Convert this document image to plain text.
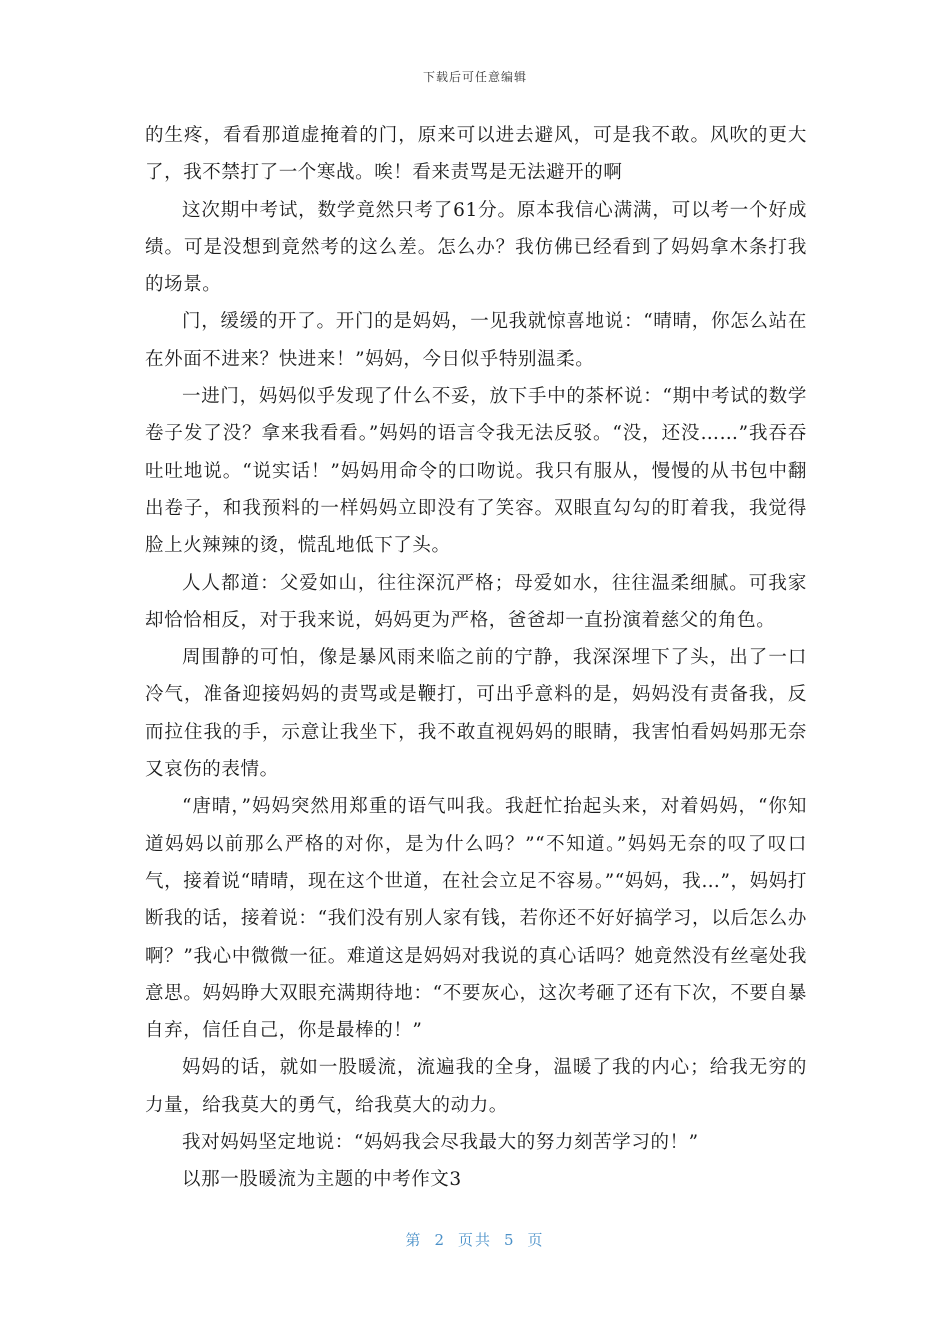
下载后可任意编辑

的生疼，看看那道虚掩着的门，原来可以进去避风，可是我不敢。风吹的更大了，我不禁打了一个寒战。唉！看来责骂是无法避开的啊

这次期中考试，数学竟然只考了61分。原本我信心满满，可以考一个好成绩。可是没想到竟然考的这么差。怎么办？我仿佛已经看到了妈妈拿木条打我的场景。

门，缓缓的开了。开门的是妈妈，一见我就惊喜地说：“晴晴，你怎么站在在外面不进来？快进来！”妈妈，今日似乎特别温柔。

一进门，妈妈似乎发现了什么不妥，放下手中的茶杯说：“期中考试的数学卷子发了没？拿来我看看。”妈妈的语言令我无法反驳。“没，还没……”我吞吞吐吐地说。“说实话！”妈妈用命令的口吻说。我只有服从，慢慢的从书包中翻出卷子，和我预料的一样妈妈立即没有了笑容。双眼直勾勾的盯着我，我觉得脸上火辣辣的烫，慌乱地低下了头。

人人都道：父爱如山，往往深沉严格；母爱如水，往往温柔细腻。可我家却恰恰相反，对于我来说，妈妈更为严格，爸爸却一直扮演着慈父的角色。

周围静的可怕，像是暴风雨来临之前的宁静，我深深埋下了头，出了一口冷气，准备迎接妈妈的责骂或是鞭打，可出乎意料的是，妈妈没有责备我，反而拉住我的手，示意让我坐下，我不敢直视妈妈的眼睛，我害怕看妈妈那无奈又哀伤的表情。

“唐晴，”妈妈突然用郑重的语气叫我。我赶忙抬起头来，对着妈妈，“你知道妈妈以前那么严格的对你，是为什么吗？”“不知道。”妈妈无奈的叹了叹口气，接着说“晴晴，现在这个世道，在社会立足不容易。”“妈妈，我…”，妈妈打断我的话，接着说：“我们没有别人家有钱，若你还不好好搞学习，以后怎么办啊？”我心中微微一征。难道这是妈妈对我说的真心话吗？她竟然没有丝毫处我意思。妈妈睁大双眼充满期待地：“不要灰心，这次考砸了还有下次，不要自暴自弃，信任自己，你是最棒的！”

妈妈的话，就如一股暖流，流遍我的全身，温暖了我的内心；给我无穷的力量，给我莫大的勇气，给我莫大的动力。

我对妈妈坚定地说：“妈妈我会尽我最大的努力刻苦学习的！”

以那一股暖流为主题的中考作文3

第 2 页共 5 页
